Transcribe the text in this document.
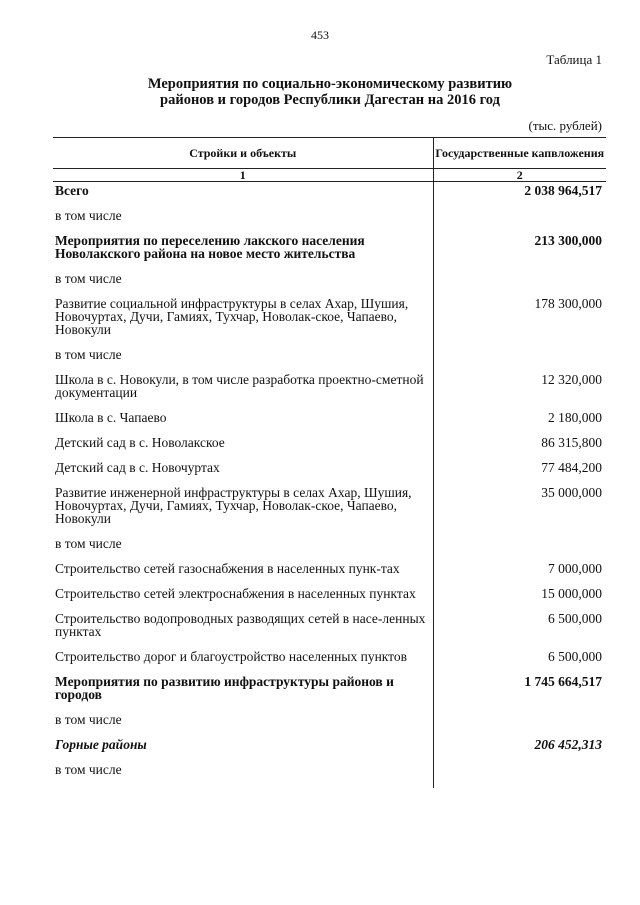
453
Таблица 1
Мероприятия по социально-экономическому развитию
районов и городов Республики Дагестан на 2016 год
(тыс. рублей)
Стройки и объекты	Государственные капвложения
1	2
Всего	2 038 964,517
в том числе	
Мероприятия по переселению лакского населения Новолакского района на новое место жительства	213 300,000
в том числе	
Развитие социальной инфраструктуры в селах Ахар, Шушия, Новочуртах, Дучи, Гамиях, Тухчар, Новолак-ское, Чапаево, Новокули	178 300,000
в том числе	
Школа в с. Новокули, в том числе разработка проектно-сметной документации	12 320,000
Школа в с. Чапаево	2 180,000
Детский сад в с. Новолакское	86 315,800
Детский сад в с. Новочуртах	77 484,200
Развитие инженерной инфраструктуры в селах Ахар, Шушия, Новочуртах, Дучи, Гамиях, Тухчар, Новолак-ское, Чапаево, Новокули	35 000,000
в том числе	
Строительство сетей газоснабжения в населенных пунк-тах	7 000,000
Строительство сетей электроснабжения в населенных пунктах	15 000,000
Строительство водопроводных разводящих сетей в насе-ленных пунктах	6 500,000
Строительство дорог и благоустройство населенных пунктов	6 500,000
Мероприятия по развитию инфраструктуры районов и городов	1 745 664,517
в том числе	
Горные районы	206 452,313
в том числе	
